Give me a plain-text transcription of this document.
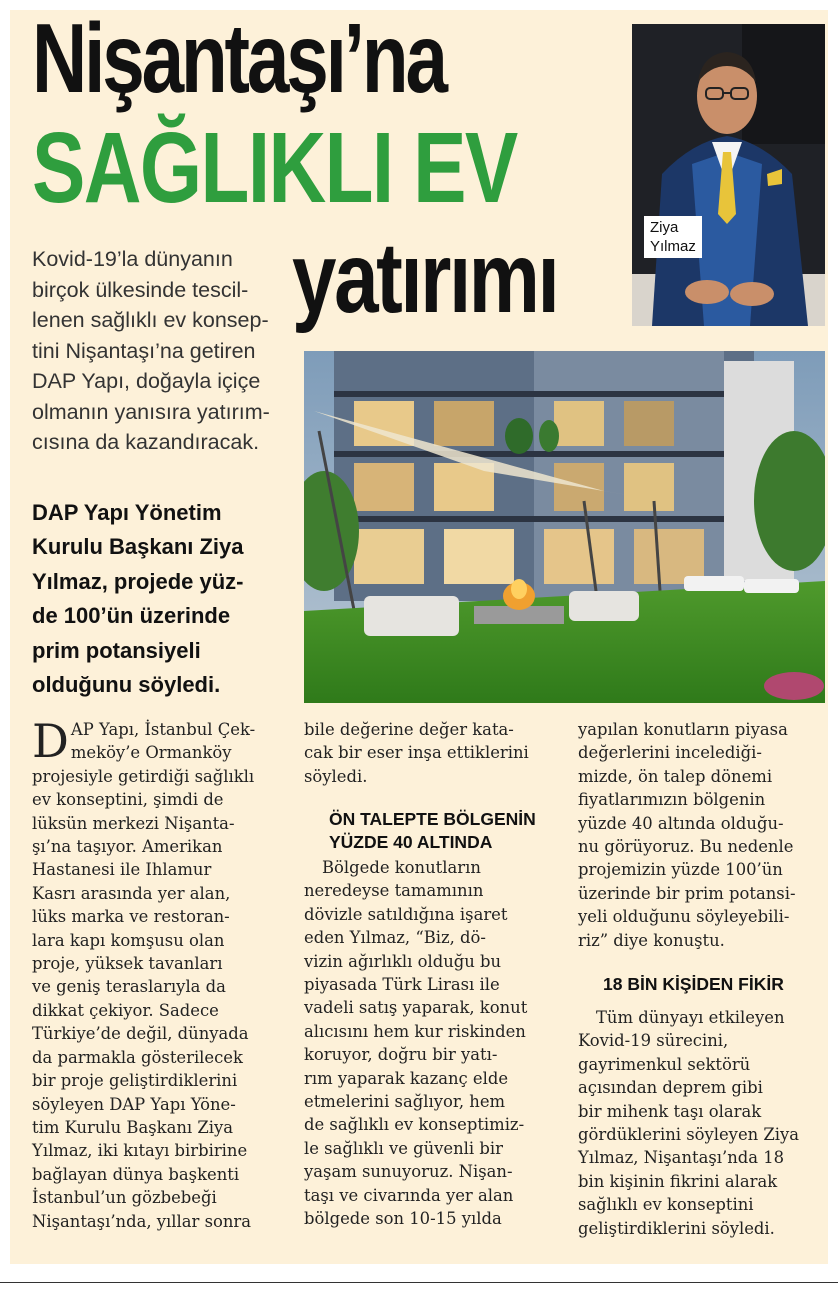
Nişantaşı’na
SAĞLIKLI EV
yatırımı
Kovid-19’la dünyanın
birçok ülkesinde tescil-
lenen sağlıklı ev konsep-
tini Nişantaşı’na getiren
DAP Yapı, doğayla içiçe
olmanın yanısıra yatırım-
cısına da kazandıracak.
DAP Yapı Yönetim
Kurulu Başkanı Ziya
Yılmaz, projede yüz-
de 100’ün üzerinde
prim potansiyeli
olduğunu söyledi.
Ziya
Yılmaz
D AP Yapı, İstanbul Çek-
meköy’e Ormanköy
projesiyle getirdiği sağlıklı
ev konseptini, şimdi de
lüksün merkezi Nişanta-
şı’na taşıyor. Amerikan
Hastanesi ile Ihlamur
Kasrı arasında yer alan,
lüks marka ve restoran-
lara kapı komşusu olan
proje, yüksek tavanları
ve geniş teraslarıyla da
dikkat çekiyor. Sadece
Türkiye’de değil, dünyada
da parmakla gösterilecek
bir proje geliştirdiklerini
söyleyen DAP Yapı Yöne-
tim Kurulu Başkanı Ziya
Yılmaz, iki kıtayı birbirine
bağlayan dünya başkenti
İstanbul’un gözbebeği
Nişantaşı’nda, yıllar sonra
bile değerine değer kata-
cak bir eser inşa ettiklerini
söyledi.
ÖN TALEPTE BÖLGENİN
YÜZDE 40 ALTINDA
Bölgede konutların
neredeyse tamamının
dövizle satıldığına işaret
eden Yılmaz, “Biz, dö-
vizin ağırlıklı olduğu bu
piyasada Türk Lirası ile
vadeli satış yaparak, konut
alıcısını hem kur riskinden
koruyor, doğru bir yatı-
rım yaparak kazanç elde
etmelerini sağlıyor, hem
de sağlıklı ev konseptimiz-
le sağlıklı ve güvenli bir
yaşam sunuyoruz. Nişan-
taşı ve civarında yer alan
bölgede son 10-15 yılda
yapılan konutların piyasa
değerlerini incelediği-
mizde, ön talep dönemi
fiyatlarımızın bölgenin
yüzde 40 altında olduğu-
nu görüyoruz. Bu nedenle
projemizin yüzde 100’ün
üzerinde bir prim potansi-
yeli olduğunu söyleyebili-
riz” diye konuştu.
18 BİN KİŞİDEN FİKİR
Tüm dünyayı etkileyen
Kovid-19 sürecini,
gayrimenkul sektörü
açısından deprem gibi
bir mihenk taşı olarak
gördüklerini söyleyen Ziya
Yılmaz, Nişantaşı’nda 18
bin kişinin fikrini alarak
sağlıklı ev konseptini
geliştirdiklerini söyledi.
